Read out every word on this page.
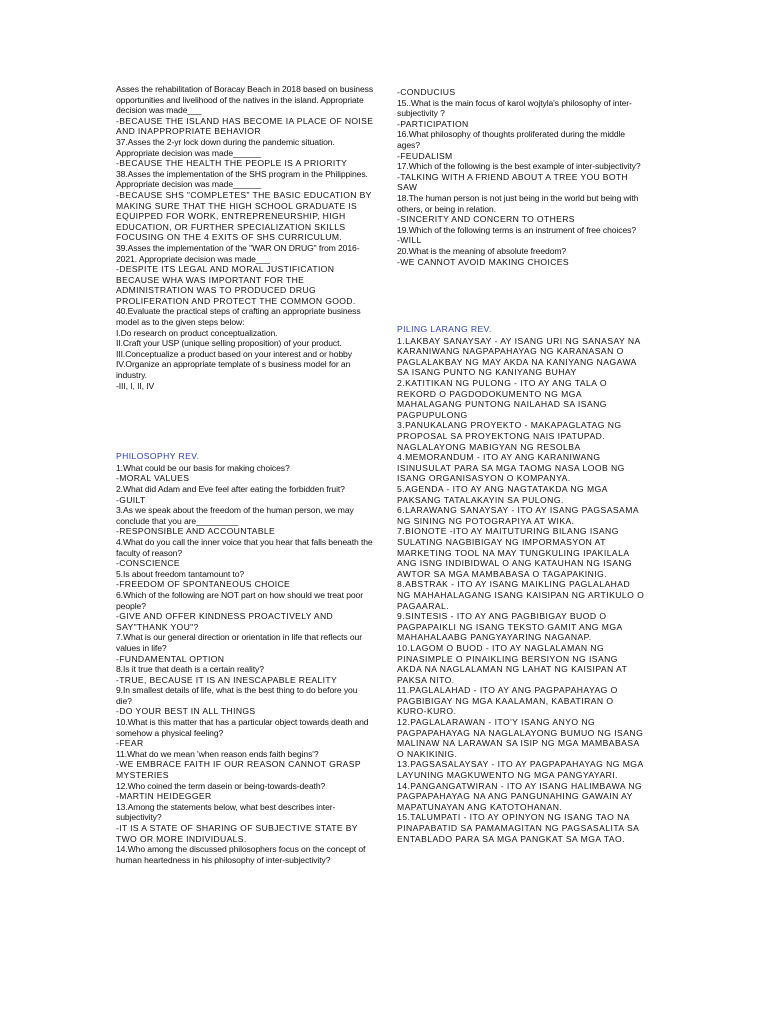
Asses the rehabilitation of Boracay Beach in 2018 based on business opportunities and livelihood of the natives in the island. Appropriate decision was made___

-BECAUSE THE ISLAND HAS BECOME IA PLACE OF NOISE AND INAPPROPRIATE BEHAVIOR

37.Asses the 2-yr lock down during the pandemic situation. Appropriate decision was made______

-BECAUSE THE HEALTH THE PEOPLE IS A PRIORITY

38.Asses the implementation of the SHS program in the Philippines. Appropriate decision was made______

-BECAUSE SHS "COMPLETES" THE BASIC EDUCATION BY MAKING SURE THAT THE HIGH SCHOOL GRADUATE IS EQUIPPED FOR WORK, ENTREPRENEURSHIP, HIGH EDUCATION, OR FURTHER SPECIALIZATION SKILLS FOCUSING ON THE 4 EXITS OF SHS CURRICULUM.

39.Asses the implementation of the "WAR ON DRUG" from 2016-2021. Appropriate decision was made___

-DESPITE ITS LEGAL AND MORAL JUSTIFICATION BECAUSE WHA WAS IMPORTANT FOR THE ADMINISTRATION WAS TO PRODUCED DRUG PROLIFERATION AND PROTECT THE COMMON GOOD.

40.Evaluate the practical steps of crafting an appropriate business model as to the given steps below:

I.Do research on product conceptualization.

II.Craft your USP (unique selling proposition) of your product.

III.Conceptualize a product based on your interest and or hobby

IV.Organize an appropriate template of s business model for an industry.

-III, I, II, IV

PHILOSOPHY REV.

1.What could be our basis for making choices?

-MORAL VALUES

2.What did Adam and Eve feel after eating the forbidden fruit?

-GUILT

3.As we speak about the freedom of the human person, we may conclude that you are_________

-RESPONSIBLE AND ACCOUNTABLE

4.What do you call the inner voice that you hear that falls beneath the faculty of reason?

-CONSCIENCE

5.Is about freedom tantamount to?

-FREEDOM OF SPONTANEOUS CHOICE

6.Which of the following are NOT part on how should we treat poor people?

-GIVE AND OFFER KINDNESS PROACTIVELY AND SAY"THANK YOU"?

7.What is our general direction or orientation in life that reflects our values in life?

-FUNDAMENTAL OPTION

8.Is it true that death is a certain reality?

-TRUE, BECAUSE IT IS AN INESCAPABLE REALITY

9.In smallest details of life, what is the best thing to do before you die?

-DO YOUR BEST IN ALL THINGS

10.What is this matter that has a particular object towards death and somehow a physical feeling?

-FEAR

11.What do we mean 'when reason ends faith begins'?

-WE EMBRACE FAITH IF OUR REASON CANNOT GRASP MYSTERIES

12.Who coined the term dasein or being-towards-death?

-MARTIN HEIDEGGER

13.Among the statements below, what best describes inter-subjectivity?

-IT IS A STATE OF SHARING OF SUBJECTIVE STATE BY TWO OR MORE INDIVIDUALS.

14.Who among the discussed philosophers focus on the concept of human heartedness in his philosophy of inter-subjectivity?

-CONDUCIUS

15..What is the main focus of karol wojtyla's philosophy of inter-subjectivity ?

-PARTICIPATION

16.What philosophy of thoughts proliferated during the middle ages?

-FEUDALISM

17.Which of the following is the best example of inter-subjectivity?

-TALKING WITH A FRIEND ABOUT A TREE YOU BOTH SAW

18.The human person is not just being in the world but being with others, or being in relation.

-SINCERITY AND CONCERN TO OTHERS

19.Which of the following terms is an instrument of free choices?

-WILL

20.What is the meaning of absolute freedom?

-WE CANNOT AVOID MAKING CHOICES

PILING LARANG REV.

1.LAKBAY SANAYSAY - AY ISANG URI NG SANASAY NA KARANIWANG NAGPAPAHAYAG NG KARANASAN O PAGLALAKBAY NG MAY AKDA NA KANIYANG NAGAWA SA ISANG PUNTO NG KANIYANG BUHAY

2.KATITIKAN NG PULONG - ITO AY ANG TALA O REKORD O PAGDODOKUMENTO NG MGA MAHALAGANG PUNTONG NAILAHAD SA ISANG PAGPUPULONG

3.PANUKALANG PROYEKTO - MAKAPAGLATAG NG PROPOSAL SA PROYEKTONG NAIS IPATUPAD. NAGLALAYONG MABIGYAN NG RESOLBA

4.MEMORANDUM - ITO AY ANG KARANIWANG ISINUSULAT PARA SA MGA TAOMG NASA LOOB NG ISANG ORGANISASYON O KOMPANYA.

5.AGENDA - ITO AY ANG NAGTATAKDA NG MGA PAKSANG TATALAKAYIN SA PULONG.

6.LARAWANG SANAYSAY - ITO AY ISANG PAGSASAMA NG SINING NG POTOGRAPIYA AT WIKA.

7.BIONOTE -ITO AY MAITUTURING BILANG ISANG SULATING NAGBIBIGAY NG IMPORMASYON AT MARKETING TOOL NA MAY TUNGKULING IPAKILALA ANG ISNG INDIBIDWAL O ANG KATAUHAN NG ISANG AWTOR SA MGA MAMBABASA O TAGAPAKINIG.

8.ABSTRAK - ITO AY ISANG MAIKLING PAGLALAHAD NG MAHAHALAGANG ISANG KAISIPAN NG ARTIKULO O PAGAARAL.

9.SINTESIS - ITO AY ANG PAGBIBIGAY BUOD O PAGPAPAIKLI NG ISANG TEKSTO GAMIT ANG MGA MAHAHALAABG PANGYAYARING NAGANAP.

10.LAGOM O BUOD - ITO AY NAGLALAMAN NG PINASIMPLE O PINAIKLING BERSIYON NG ISANG AKDA NA NAGLALAMAN NG LAHAT NG KAISIPAN AT PAKSA NITO.

11.PAGLALAHAD - ITO AY ANG PAGPAPAHAYAG O PAGBIBIGAY NG MGA KAALAMAN, KABATIRAN O KURO-KURO.

12.PAGLALARAWAN - ITO'Y ISANG ANYO NG PAGPAPAHAYAG NA NAGLALAYONG BUMUO NG ISANG MALINAW NA LARAWAN SA ISIP NG MGA MAMBABASA O NAKIKINIG.

13.PAGSASALAYSAY - ITO AY PAGPAPAHAYAG NG MGA LAYUNING MAGKUWENTO NG MGA PANGYAYARI.

14.PANGANGATWIRAN - ITO AY ISANG HALIMBAWA NG PAGPAPAHAYAG NA ANG PANGUNAHING GAWAIN AY MAPATUNAYAN ANG KATOTOHANAN.

15.TALUMPATI - ITO AY OPINYON NG ISANG TAO NA PINAPABATID SA PAMAMAGITAN NG PAGSASALITA SA ENTABLADO PARA SA MGA PANGKAT SA MGA TAO.
